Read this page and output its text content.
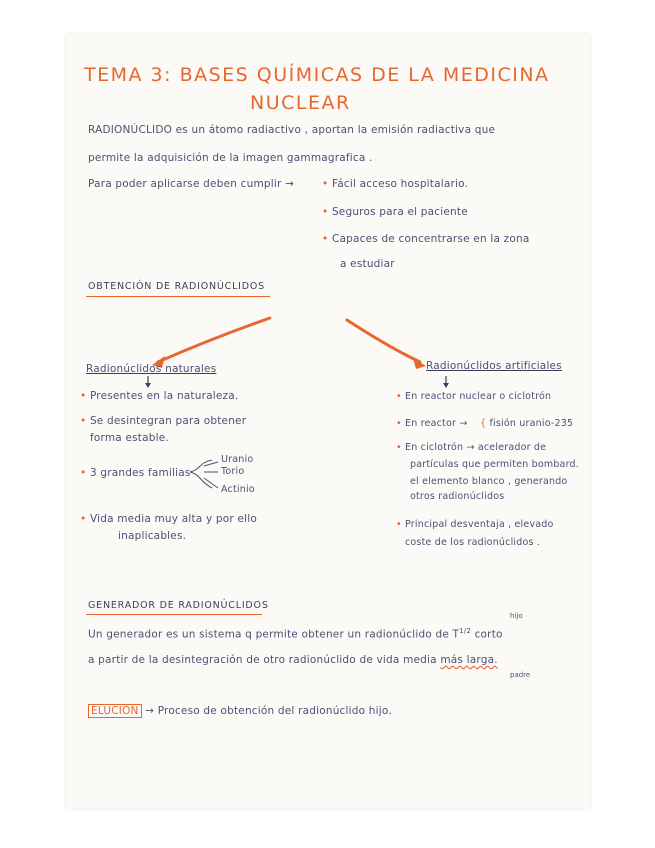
TEMA 3: BASES QUÍMICAS DE LA MEDICINA
NUCLEAR
RADIONÚCLIDO es un átomo radiactivo , aportan la emisión radiactiva que
permite la adquisición de la imagen gammagrafica .
Para poder aplicarse deben cumplir →	• Fácil acceso hospitalario.
• Seguros para el paciente
• Capaces de concentrarse en la zona
a estudiar
OBTENCIÓN DE RADIONÚCLIDOS
Radionúclidos naturales
• Presentes en la naturaleza.
• Se desintegran para obtener
forma estable.
• 3 grandes familias
Uranio
Torio
Actinio
• Vida media muy alta y por ello
inaplicables.
Radionúclidos artificiales
• En reactor nuclear o ciclotrón
• En reactor → { fisión uranio-235
• En ciclotrón → acelerador de
partículas que permiten bombard.
el elemento blanco , generando
otros radionúclidos
• Principal desventaja , elevado
coste de los radionúclidos .
GENERADOR DE RADIONÚCLIDOS
hijo
Un generador es un sistema q permite obtener un radionúclido de $T^{1/2}$ corto
a partir de la desintegración de otro radionúclido de vida media más larga.
padre
ELUCIÓN → Proceso de obtención del radionúclido hijo.
